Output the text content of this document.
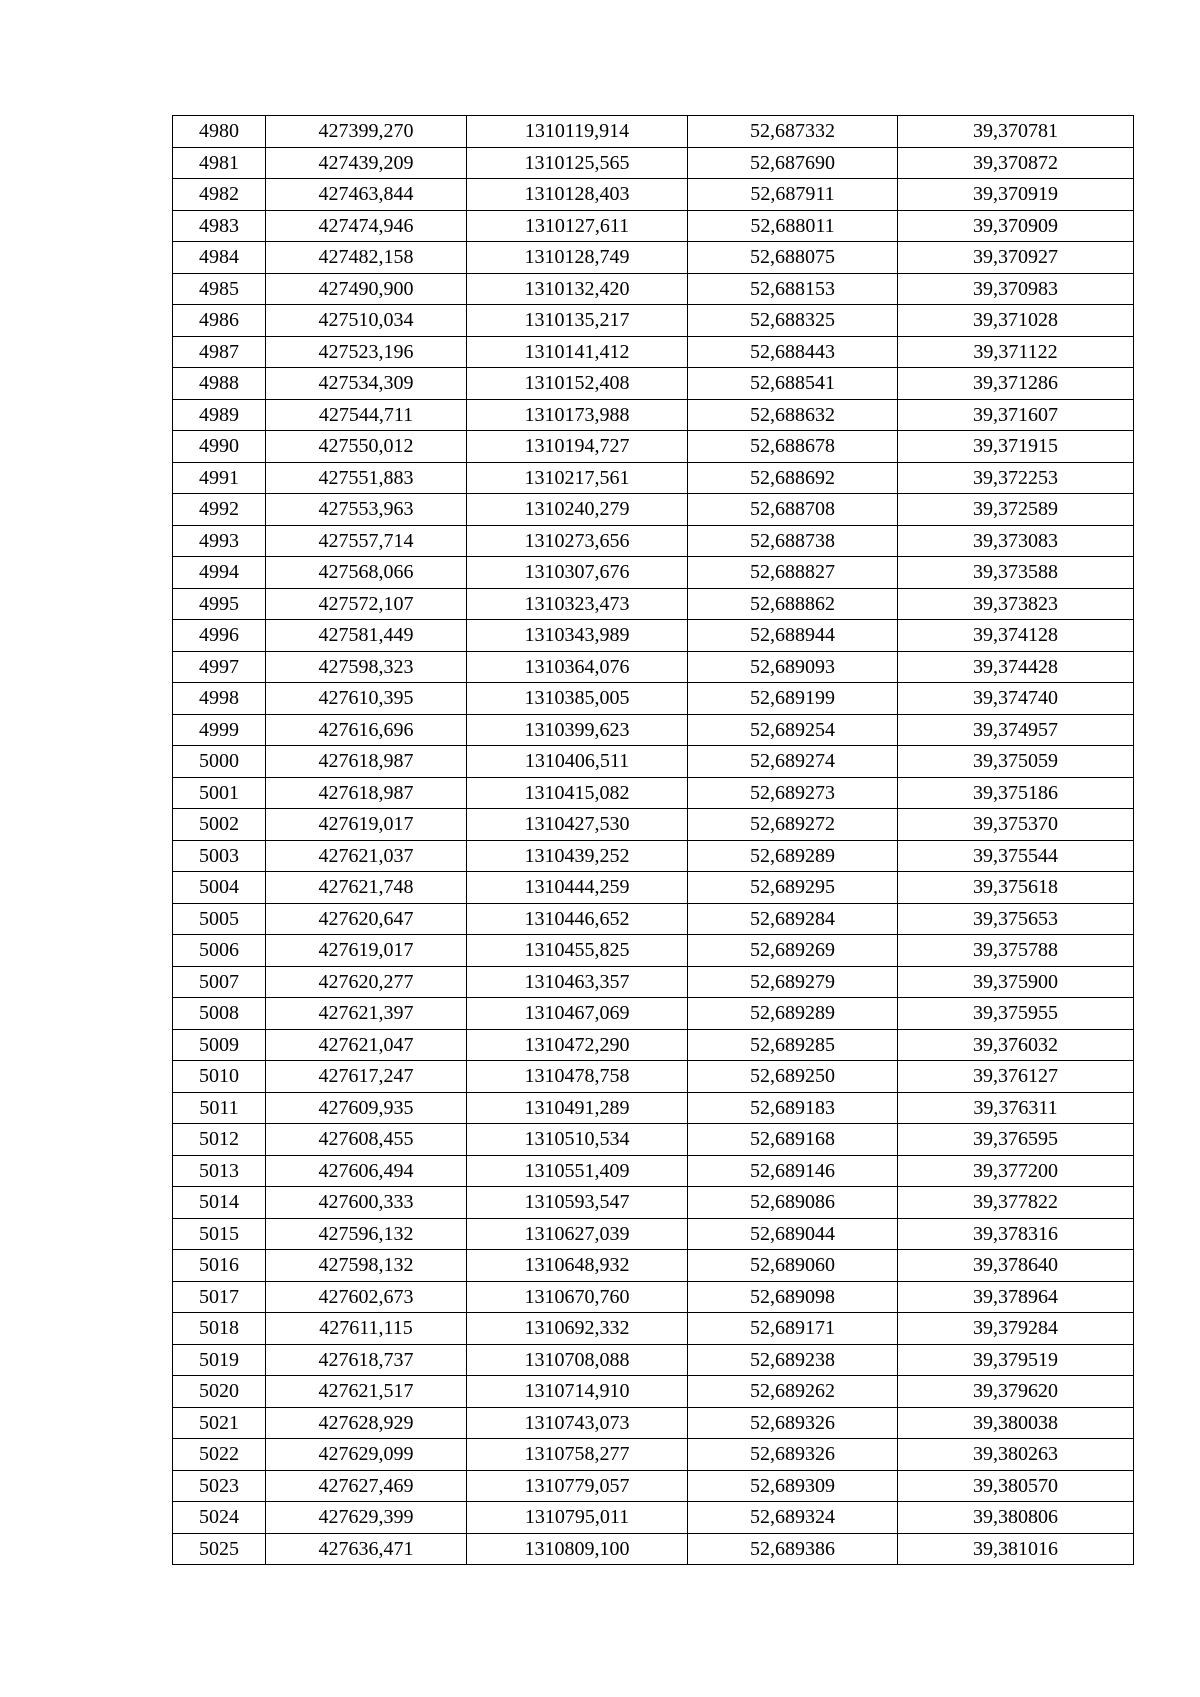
4980	427399,270	1310119,914	52,687332	39,370781
4981	427439,209	1310125,565	52,687690	39,370872
4982	427463,844	1310128,403	52,687911	39,370919
4983	427474,946	1310127,611	52,688011	39,370909
4984	427482,158	1310128,749	52,688075	39,370927
4985	427490,900	1310132,420	52,688153	39,370983
4986	427510,034	1310135,217	52,688325	39,371028
4987	427523,196	1310141,412	52,688443	39,371122
4988	427534,309	1310152,408	52,688541	39,371286
4989	427544,711	1310173,988	52,688632	39,371607
4990	427550,012	1310194,727	52,688678	39,371915
4991	427551,883	1310217,561	52,688692	39,372253
4992	427553,963	1310240,279	52,688708	39,372589
4993	427557,714	1310273,656	52,688738	39,373083
4994	427568,066	1310307,676	52,688827	39,373588
4995	427572,107	1310323,473	52,688862	39,373823
4996	427581,449	1310343,989	52,688944	39,374128
4997	427598,323	1310364,076	52,689093	39,374428
4998	427610,395	1310385,005	52,689199	39,374740
4999	427616,696	1310399,623	52,689254	39,374957
5000	427618,987	1310406,511	52,689274	39,375059
5001	427618,987	1310415,082	52,689273	39,375186
5002	427619,017	1310427,530	52,689272	39,375370
5003	427621,037	1310439,252	52,689289	39,375544
5004	427621,748	1310444,259	52,689295	39,375618
5005	427620,647	1310446,652	52,689284	39,375653
5006	427619,017	1310455,825	52,689269	39,375788
5007	427620,277	1310463,357	52,689279	39,375900
5008	427621,397	1310467,069	52,689289	39,375955
5009	427621,047	1310472,290	52,689285	39,376032
5010	427617,247	1310478,758	52,689250	39,376127
5011	427609,935	1310491,289	52,689183	39,376311
5012	427608,455	1310510,534	52,689168	39,376595
5013	427606,494	1310551,409	52,689146	39,377200
5014	427600,333	1310593,547	52,689086	39,377822
5015	427596,132	1310627,039	52,689044	39,378316
5016	427598,132	1310648,932	52,689060	39,378640
5017	427602,673	1310670,760	52,689098	39,378964
5018	427611,115	1310692,332	52,689171	39,379284
5019	427618,737	1310708,088	52,689238	39,379519
5020	427621,517	1310714,910	52,689262	39,379620
5021	427628,929	1310743,073	52,689326	39,380038
5022	427629,099	1310758,277	52,689326	39,380263
5023	427627,469	1310779,057	52,689309	39,380570
5024	427629,399	1310795,011	52,689324	39,380806
5025	427636,471	1310809,100	52,689386	39,381016
